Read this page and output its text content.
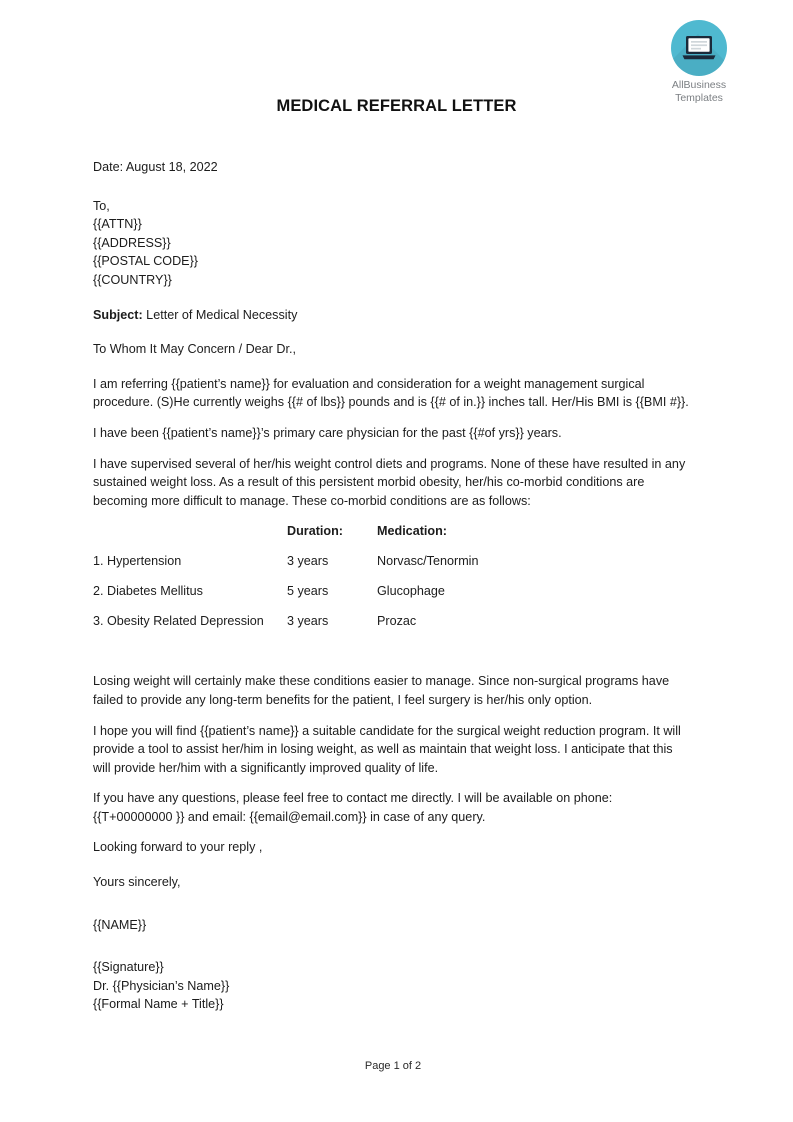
AllBusiness
Templates
MEDICAL REFERRAL LETTER
Date: August 18, 2022
To,
{{ATTN}}
{{ADDRESS}}
{{POSTAL CODE}}
{{COUNTRY}}
Subject: Letter of Medical Necessity
To Whom It May Concern / Dear Dr.,

I am referring {{patient’s name}} for evaluation and consideration for a weight management surgical procedure. (S)He currently weighs {{# of lbs}} pounds and is {{# of in.}} inches tall. Her/His BMI is {{BMI #}}.

I have been {{patient’s name}}’s primary care physician for the past {{#of yrs}} years.

I have supervised several of her/his weight control diets and programs. None of these have resulted in any sustained weight loss. As a result of this persistent morbid obesity, her/his co-morbid conditions are becoming more difficult to manage. These co-morbid conditions are as follows:

	Duration:	Medication:
1. Hypertension	3 years	Norvasc/Tenormin
2. Diabetes Mellitus	5 years	Glucophage
3. Obesity Related Depression	3 years	Prozac

Losing weight will certainly make these conditions easier to manage. Since non-surgical programs have failed to provide any long-term benefits for the patient, I feel surgery is her/his only option.

I hope you will find {{patient’s name}} a suitable candidate for the surgical weight reduction program. It will provide a tool to assist her/him in losing weight, as well as maintain that weight loss. I anticipate that this will provide her/him with a significantly improved quality of life.

If you have any questions, please feel free to contact me directly. I will be available on phone: {{T+00000000 }} and email: {{email@email.com}} in case of any query.

Looking forward to your reply ,
Yours sincerely,
{{NAME}}
{{Signature}}
Dr. {{Physician’s Name}}
{{Formal Name + Title}}
Page 1 of 2
